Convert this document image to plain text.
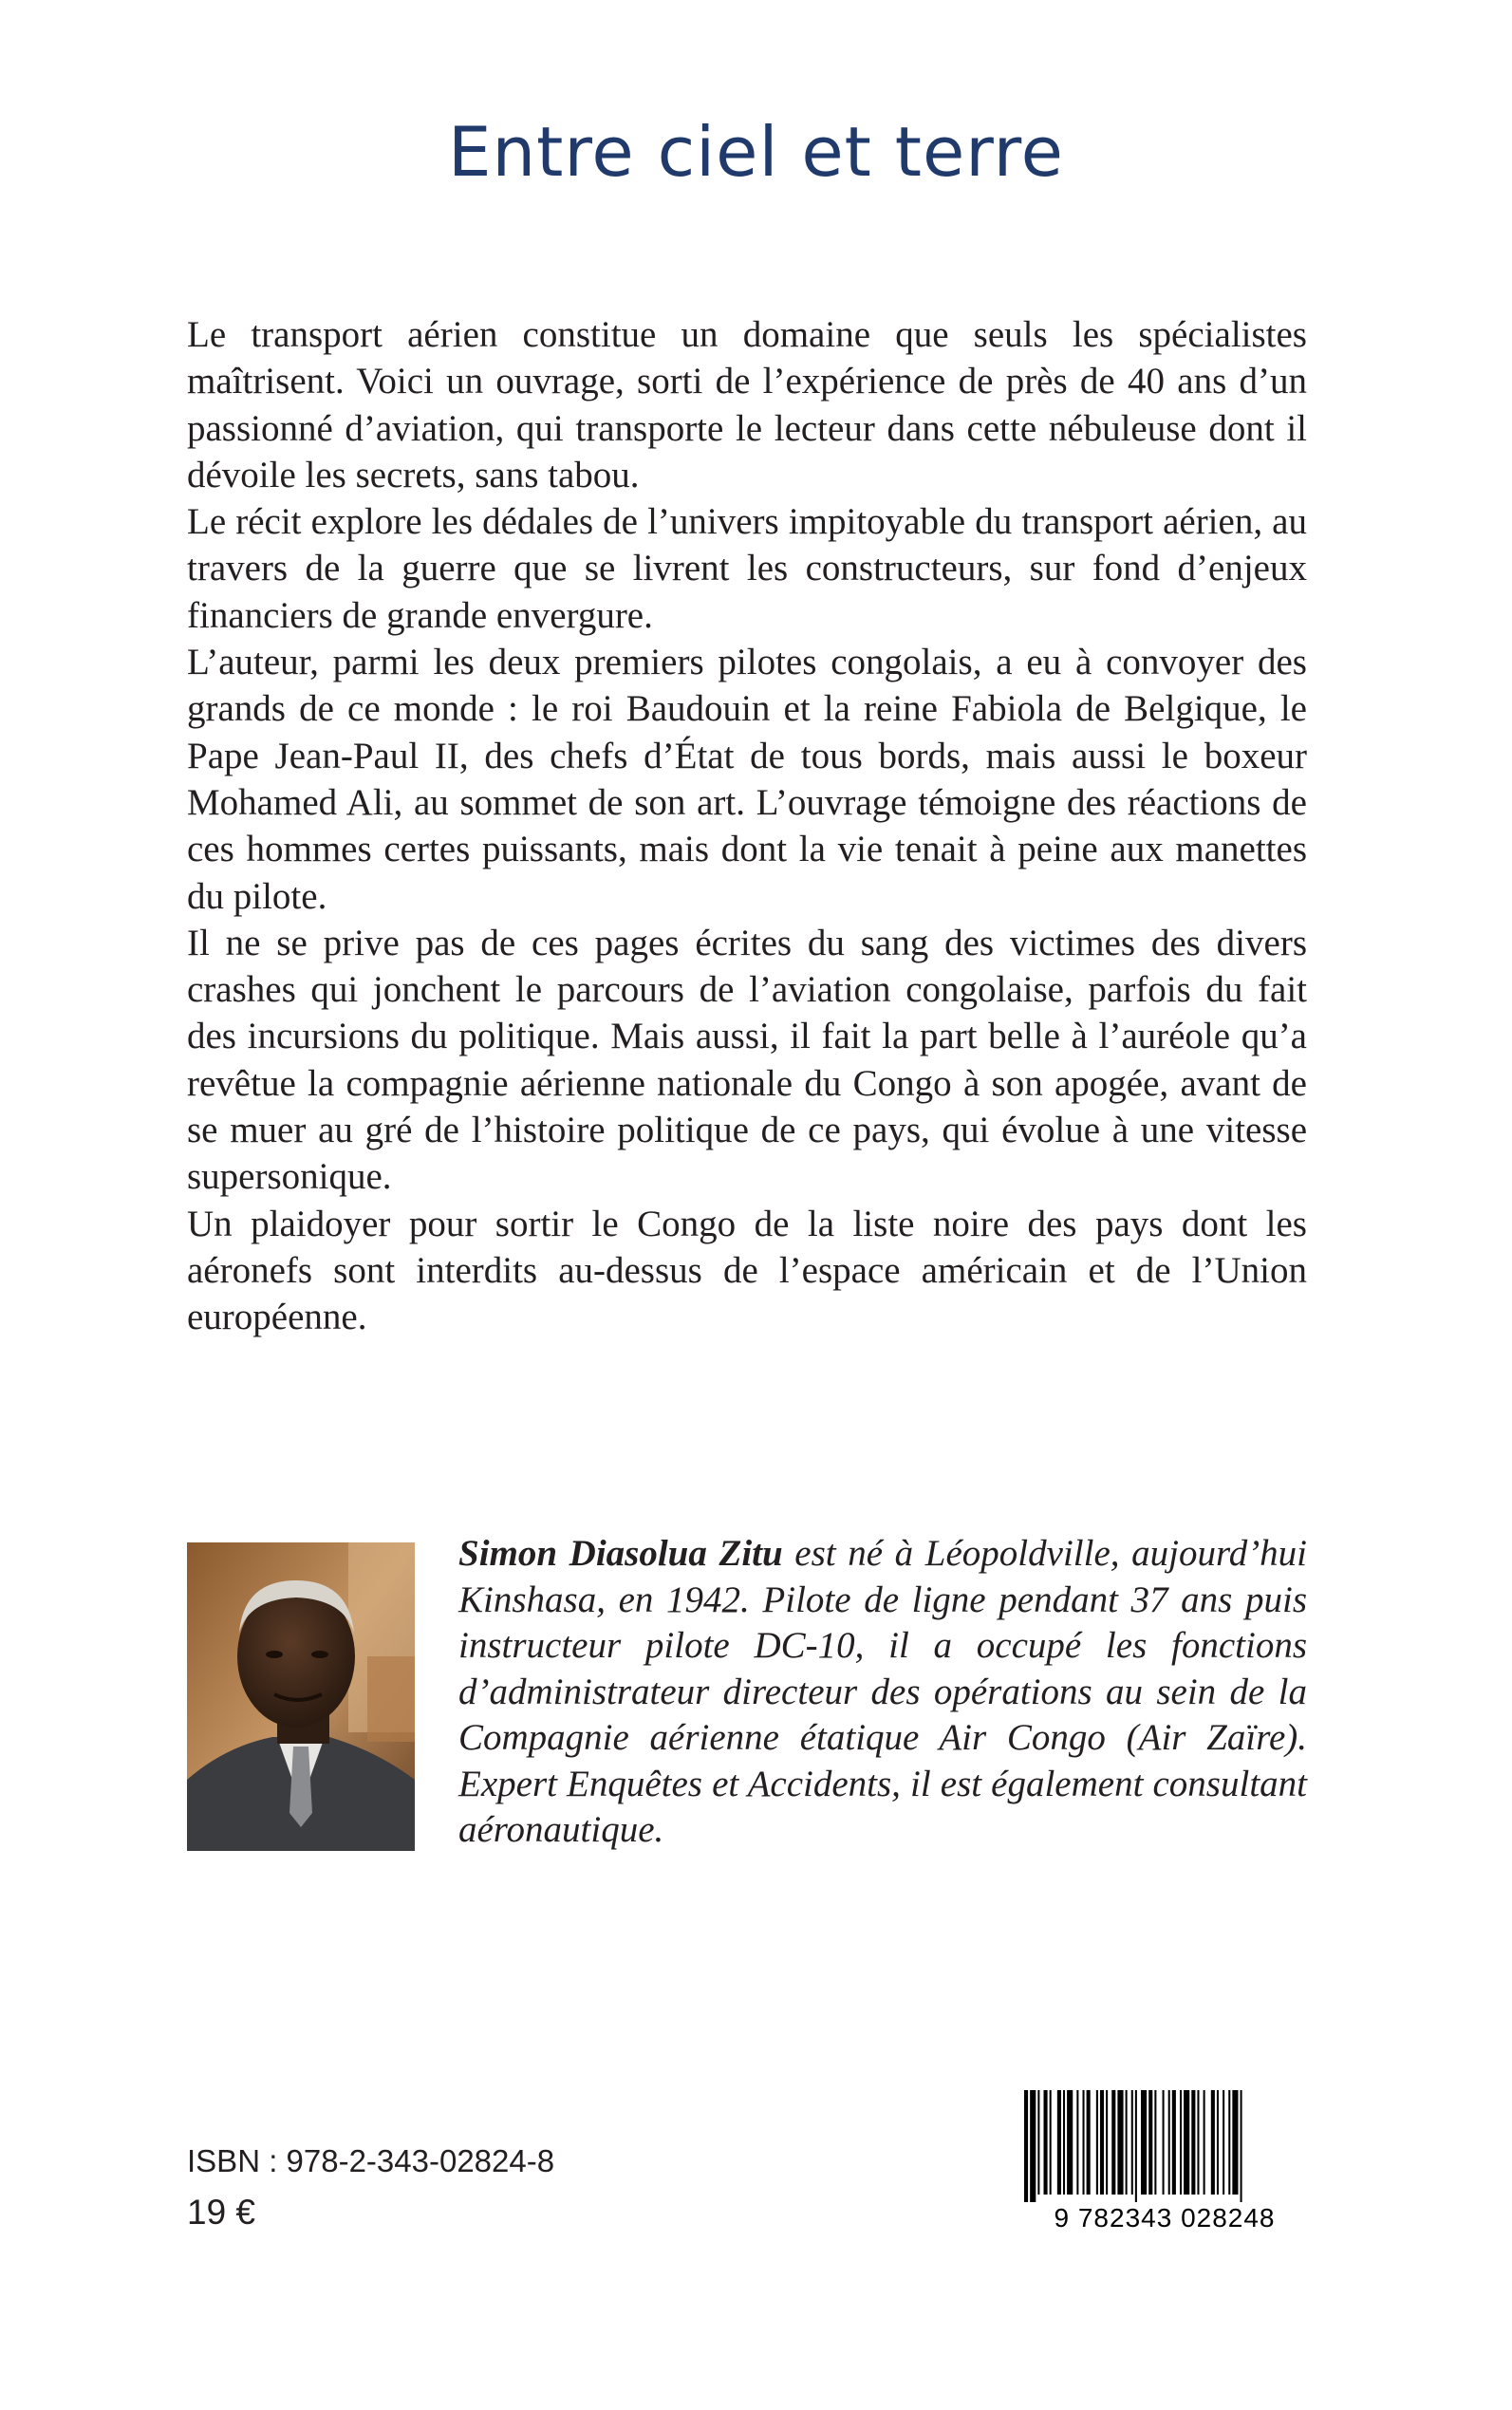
Entre ciel et terre

Le transport aérien constitue un domaine que seuls les spécialistes maîtrisent. Voici un ouvrage, sorti de l’expérience de près de 40 ans d’un passionné d’aviation, qui transporte le lecteur dans cette nébuleuse dont il dévoile les secrets, sans tabou.

Le récit explore les dédales de l’univers impitoyable du transport aérien, au travers de la guerre que se livrent les constructeurs, sur fond d’enjeux financiers de grande envergure.

L’auteur, parmi les deux premiers pilotes congolais, a eu à convoyer des grands de ce monde : le roi Baudouin et la reine Fabiola de Belgique, le Pape Jean-Paul II, des chefs d’État de tous bords, mais aussi le boxeur Mohamed Ali, au sommet de son art. L’ouvrage témoigne des réactions de ces hommes certes puissants, mais dont la vie tenait à peine aux manettes du pilote.

Il ne se prive pas de ces pages écrites du sang des victimes des divers crashes qui jonchent le parcours de l’aviation congolaise, parfois du fait des incursions du politique. Mais aussi, il fait la part belle à l’auréole qu’a revêtue la compagnie aérienne nationale du Congo à son apogée, avant de se muer au gré de l’histoire politique de ce pays, qui évolue à une vitesse supersonique.

Un plaidoyer pour sortir le Congo de la liste noire des pays dont les aéronefs sont interdits au-dessus de l’espace américain et de l’Union européenne.

Simon Diasolua Zitu est né à Léopoldville, aujourd’hui Kinshasa, en 1942. Pilote de ligne pendant 37 ans puis instructeur pilote DC-10, il a occupé les fonctions d’administrateur directeur des opérations au sein de la Compagnie aérienne étatique Air Congo (Air Zaïre). Expert Enquêtes et Accidents, il est également consultant aéronautique.

ISBN : 978-2-343-02824-8

19 €	9 782343 028248
